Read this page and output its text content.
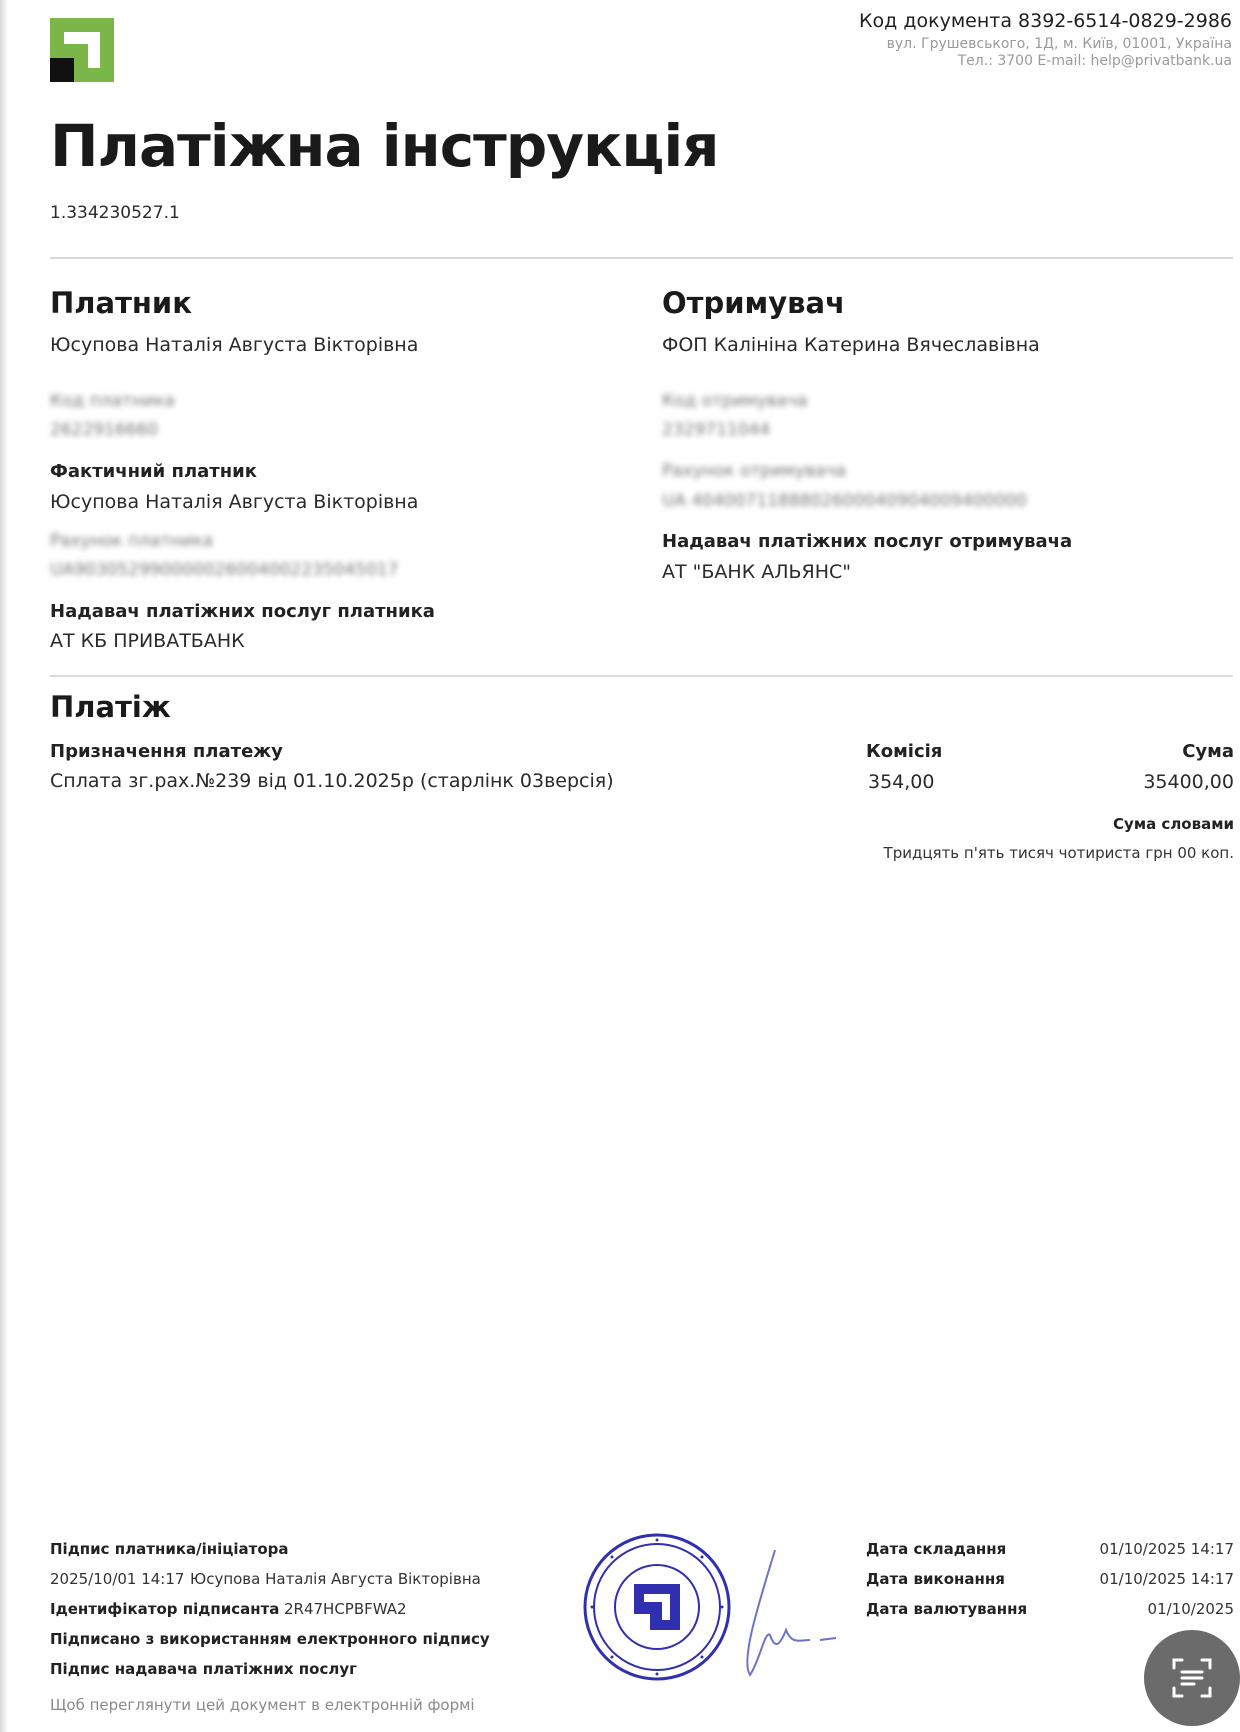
Код документа 8392-6514-0829-2986
вул. Грушевського, 1Д, м. Київ, 01001, Україна
Тел.: 3700 E-mail: help@privatbank.ua
Платіжна інструкція
1.334230527.1
Платник
Юсупова Наталія Августа Вікторівна
Код платника
2622916660
Фактичний платник
Юсупова Наталія Августа Вікторівна
Рахунок платника
UA903052990000026004002235045017
Надавач платіжних послуг платника
АТ КБ ПРИВАТБАНК
Отримувач
ФОП Калініна Катерина Вячеславівна
Код отримувача
2329711044
Рахунок отримувача
UA 4040071188802600040904009400000
Надавач платіжних послуг отримувача
АТ "БАНК АЛЬЯНС"
Платіж
Призначення платежу
Сплата зг.рах.№239 від 01.10.2025р (старлінк 03версія)
Комісія
354,00
Сума
35400,00
Сума словами
Тридцять п'ять тисяч чотириста грн 00 коп.
Підпис платника/ініціатора
2025/10/01 14:17 Юсупова Наталія Августа Вікторівна
Ідентифікатор підписанта 2R47HCPBFWA2
Підписано з використанням електронного підпису
Підпис надавача платіжних послуг
Щоб переглянути цей документ в електронній формі
Дата складання	01/10/2025 14:17
Дата виконання	01/10/2025 14:17
Дата валютування	01/10/2025
